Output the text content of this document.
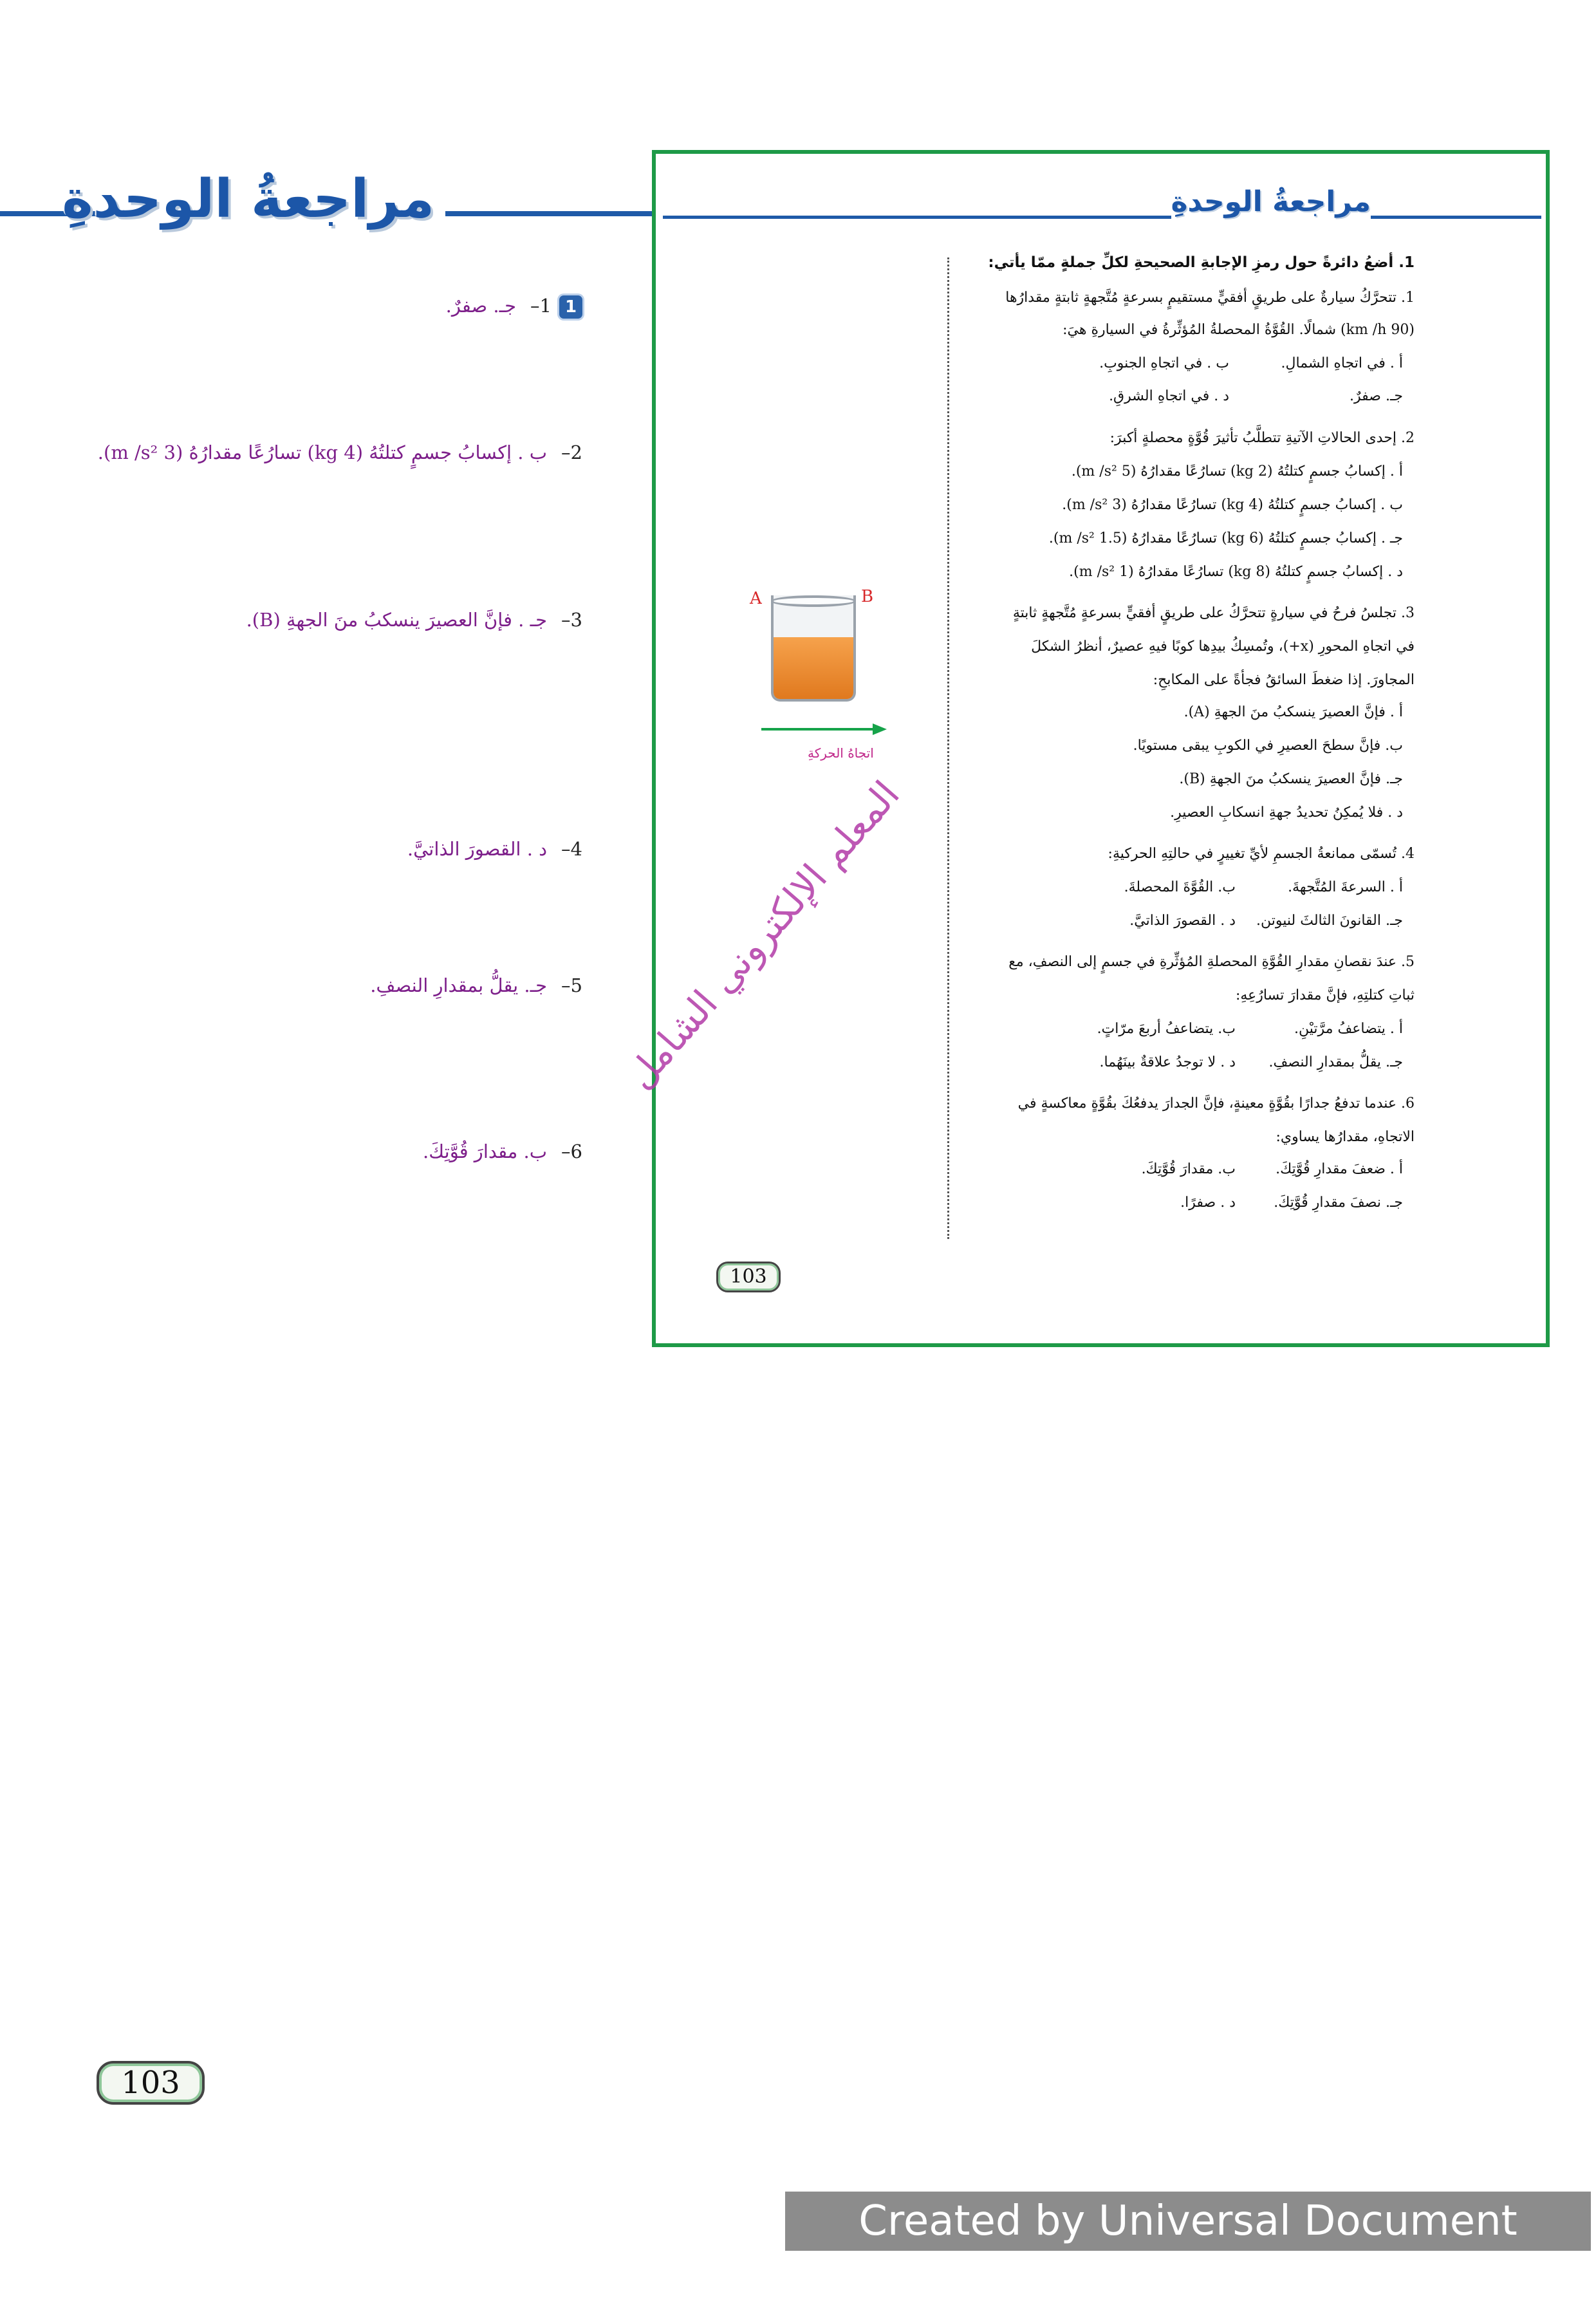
مراجعةُ الوحدةِ
11–جـ. صفرٌ.
2–ب . إكسابُ جسمٍ كتلتُهُ (4 kg) تسارُعًا مقدارُهُ (3 m /s²).
3–جـ . فإنَّ العصيرَ ينسكبُ منَ الجهةِ (B).
4–د . القصورَ الذاتيَّ.
5–جـ. يقلُّ بمقدارِ النصفِ.
6–ب. مقدارَ قُوَّتِكَ.
مراجعةُ الوحدةِ
1. أضعُ دائرةً حول رمزِ الإجابةِ الصحيحةِ لكلِّ جملةٍ ممّا يأتي:
1. تتحرَّكُ سيارةٌ على طريقٍ أفقيٍّ مستقيمٍ بسرعةٍ مُتَّجهةٍ ثابتةٍ مقدارُها
(90 km /h) شمالًا. القُوَّةُ المحصلةُ المُؤثِّرةُ في السيارةِ هيَ:
أ . في اتجاهِ الشمالِ.
ب . في اتجاهِ الجنوبِ.
جـ. صفرٌ.
د . في اتجاهِ الشرقِ.
2. إحدى الحالاتِ الآتيةِ تتطلَّبُ تأثيرَ قُوَّةٍ محصلةٍ أكبرَ:
أ . إكسابُ جسمٍ كتلتُهُ (2 kg) تسارُعًا مقدارُهُ (5 m /s²).
ب . إكسابُ جسمٍ كتلتُهُ (4 kg) تسارُعًا مقدارُهُ (3 m /s²).
جـ . إكسابُ جسمٍ كتلتُهُ (6 kg) تسارُعًا مقدارُهُ (1.5 m /s²).
د . إكسابُ جسمٍ كتلتُهُ (8 kg) تسارُعًا مقدارُهُ (1 m /s²).
3. تجلسُ فرحُ في سيارةٍ تتحرَّكُ على طريقٍ أفقيٍّ بسرعةٍ مُتَّجهةٍ ثابتةٍ
في اتجاهِ المحورِ (x+)، وتُمسِكُ بيدِها كوبًا فيهِ عصيرٌ، أنظرُ الشكلَ
المجاورَ. إذا ضغطَ السائقُ فجأةً على المكابحِ:
أ . فإنَّ العصيرَ ينسكبُ منَ الجهةِ (A).
ب. فإنَّ سطحَ العصيرِ في الكوبِ يبقى مستويًا.
جـ. فإنَّ العصيرَ ينسكبُ منَ الجهةِ (B).
د . فلا يُمكِنُ تحديدُ جهةِ انسكابِ العصيرِ.
4. تُسمّى ممانعةُ الجسمِ لأيِّ تغييرٍ في حالتِهِ الحركيةِ:
أ . السرعةَ المُتَّجهةَ.
ب. القُوَّةَ المحصلةَ.
جـ. القانونَ الثالثَ لنيوتن.
د . القصورَ الذاتيَّ.
5. عندَ نقصانِ مقدارِ القُوَّةِ المحصلةِ المُؤثِّرةِ في جسمٍ إلى النصفِ، مع
ثباتِ كتلتِهِ، فإنَّ مقدارَ تسارُعِهِ:
أ . يتضاعفُ مرَّتيْنِ.
ب. يتضاعفُ أربعَ مرّاتٍ.
جـ. يقلُّ بمقدارِ النصفِ.
د . لا توجدُ علاقةٌ بينَهُما.
6. عندما تدفعُ جدارًا بقُوَّةٍ معينةٍ، فإنَّ الجدارَ يدفعُكَ بقُوَّةٍ معاكسةٍ في
الاتجاهِ، مقدارُها يساوي:
أ . ضعفَ مقدارِ قُوَّتِكَ.
ب. مقدارَ قُوَّتِكَ.
جـ. نصفَ مقدارِ قُوَّتِكَ.
د . صفرًا.
A	B
اتجاهُ الحركةِ
المعلم الإلكتروني الشامل
103
103
Created by Universal Document Converter
